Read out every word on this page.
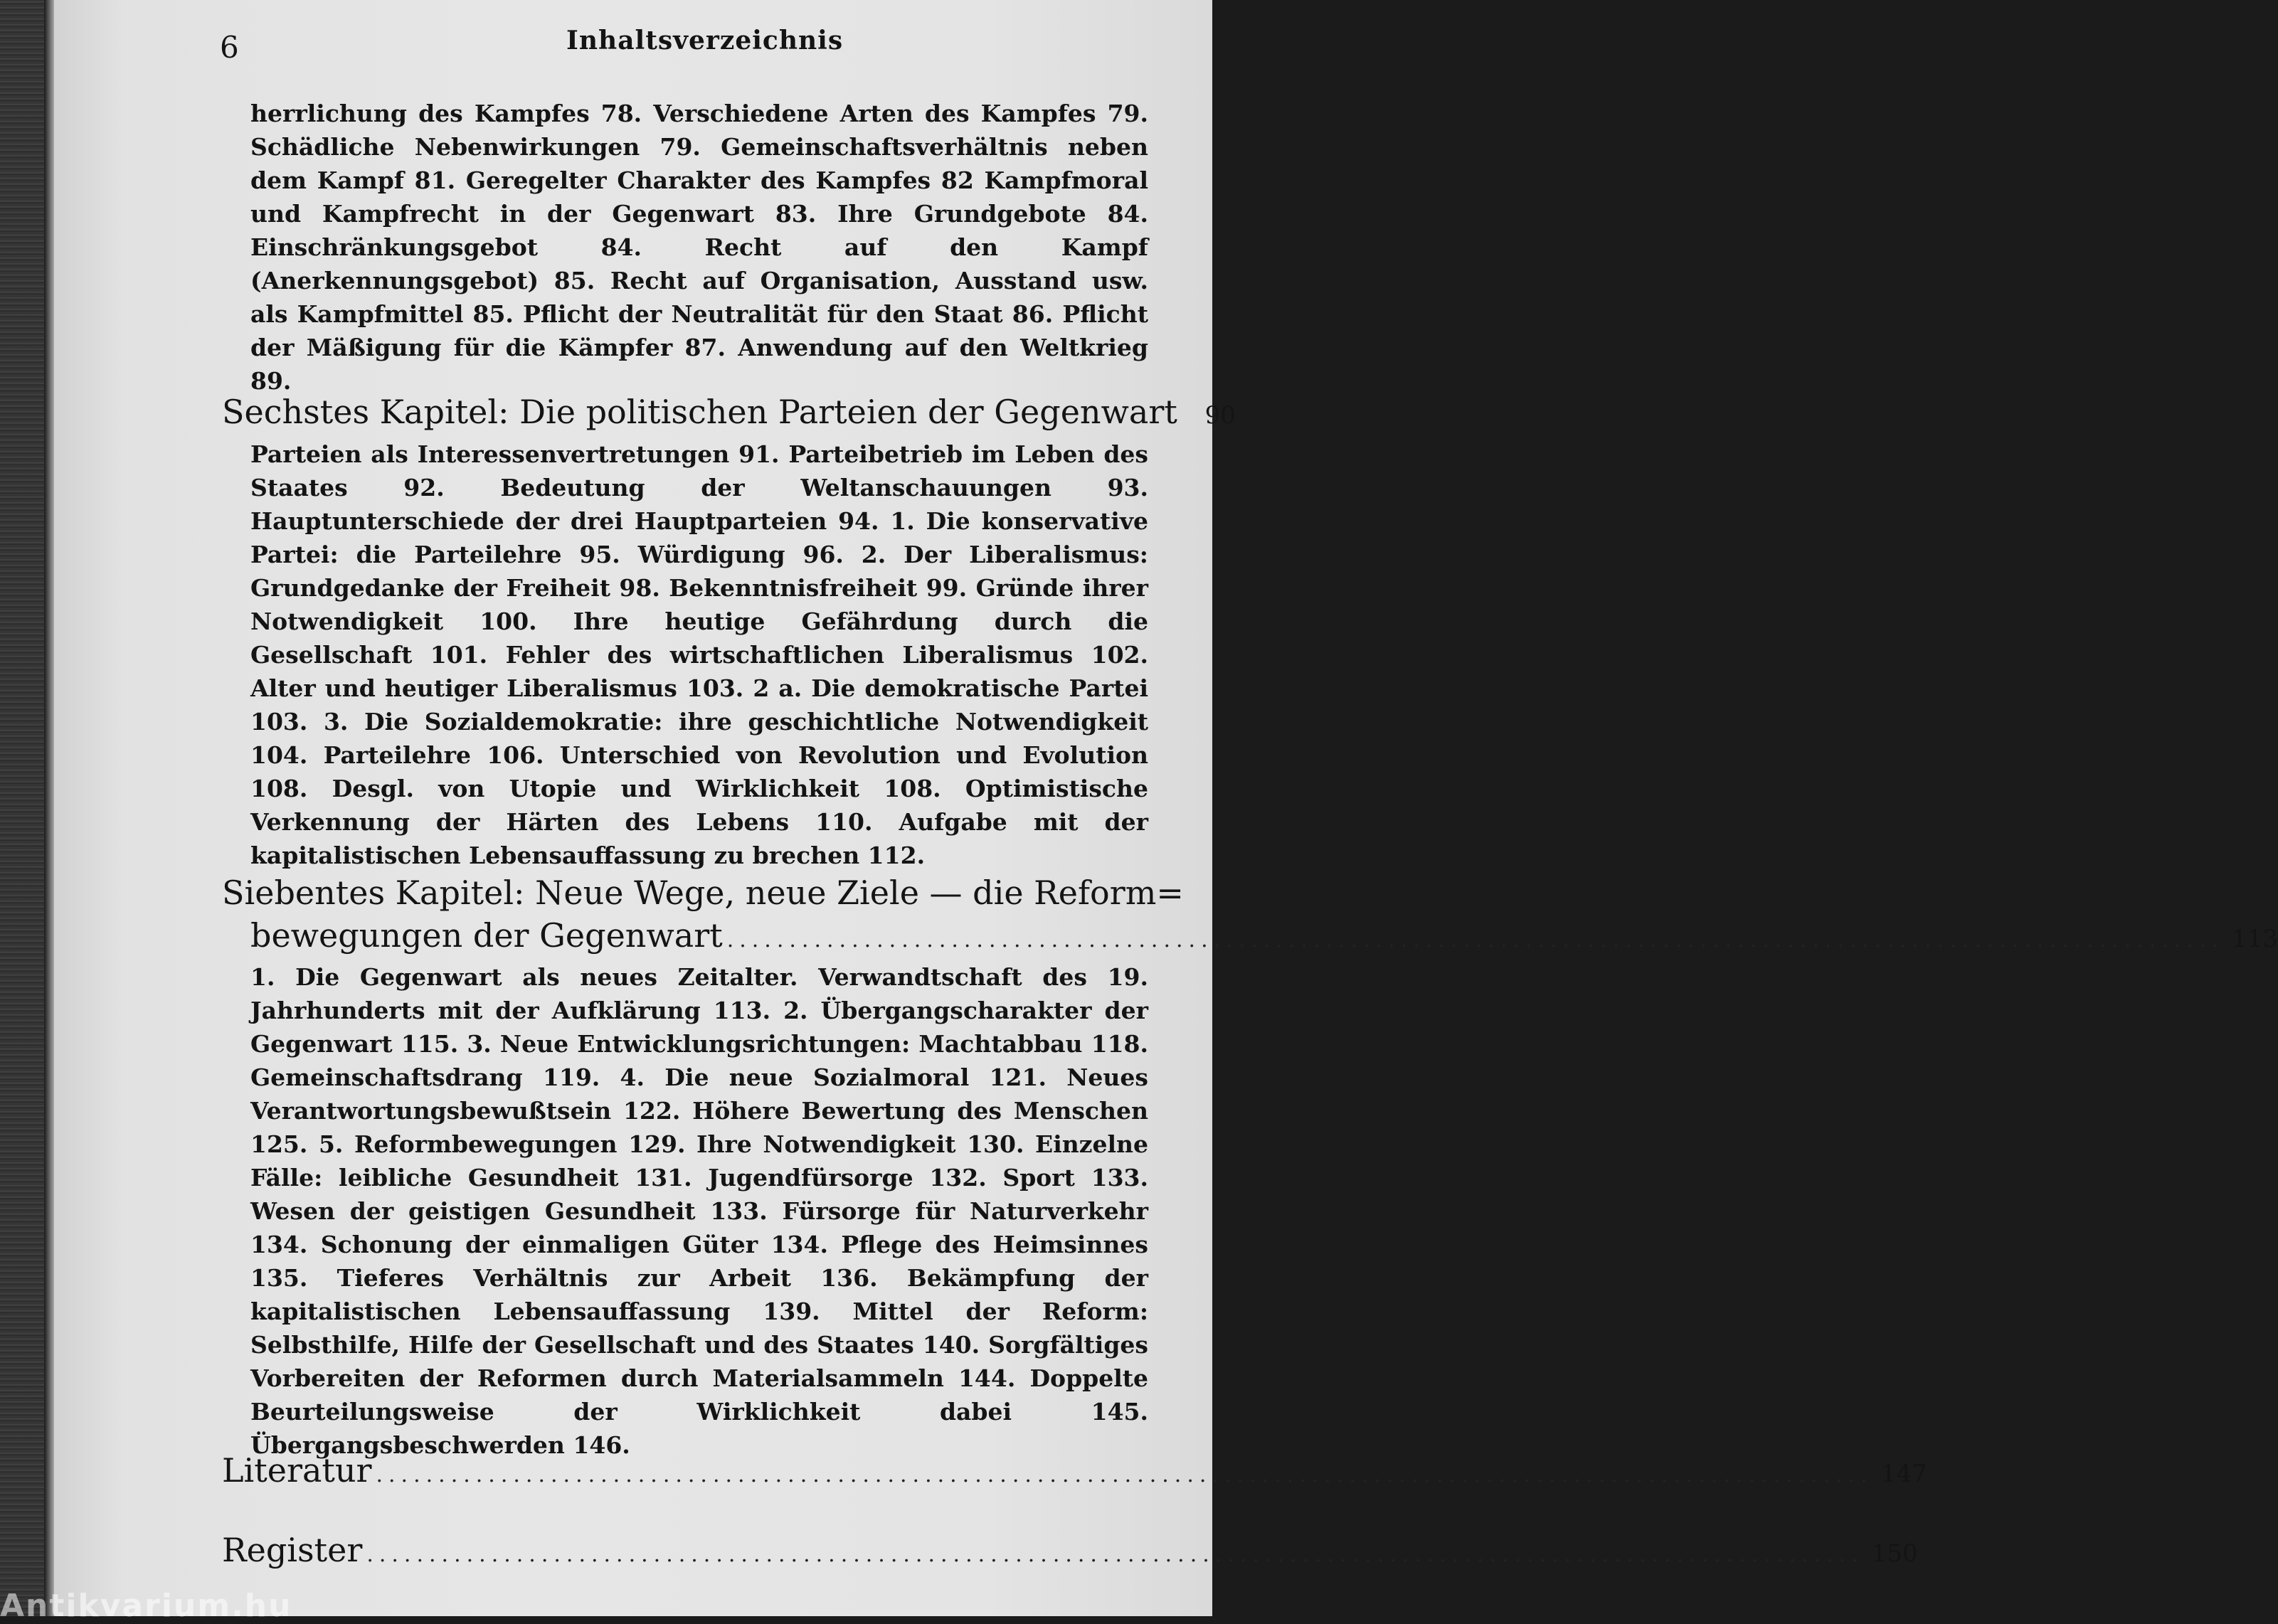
6	Inhaltsverzeichnis

herrlichung des Kampfes 78. Verschiedene Arten des Kampfes 79. Schädliche Nebenwirkungen 79. Gemeinschaftsverhältnis neben dem Kampf 81. Geregelter Charakter des Kampfes 82 Kampfmoral und Kampfrecht in der Gegenwart 83. Ihre Grundgebote 84. Einschränkungsgebot 84. Recht auf den Kampf (Anerkennungsgebot) 85. Recht auf Organisation, Ausstand usw. als Kampfmittel 85. Pflicht der Neutralität für den Staat 86. Pflicht der Mäßigung für die Kämpfer 87. Anwendung auf den Weltkrieg 89.

Sechstes Kapitel: Die politischen Parteien der Gegenwart	90

Parteien als Interessenvertretungen 91. Parteibetrieb im Leben des Staates 92. Bedeutung der Weltanschauungen 93. Hauptunterschiede der drei Hauptparteien 94. 1. Die konservative Partei: die Parteilehre 95. Würdigung 96. 2. Der Liberalismus: Grundgedanke der Freiheit 98. Bekenntnisfreiheit 99. Gründe ihrer Notwendigkeit 100. Ihre heutige Gefährdung durch die Gesellschaft 101. Fehler des wirtschaftlichen Liberalismus 102. Alter und heutiger Liberalismus 103. 2 a. Die demokratische Partei 103. 3. Die Sozialdemokratie: ihre geschichtliche Notwendigkeit 104. Parteilehre 106. Unterschied von Revolution und Evolution 108. Desgl. von Utopie und Wirklichkeit 108. Optimistische Verkennung der Härten des Lebens 110. Aufgabe mit der kapitalistischen Lebensauffassung zu brechen 112.

Siebentes Kapitel: Neue Wege, neue Ziele — die Reform=
bewegungen der Gegenwart ........................................................................................................................ 113

1. Die Gegenwart als neues Zeitalter. Verwandtschaft des 19. Jahrhunderts mit der Aufklärung 113. 2. Übergangscharakter der Gegenwart 115. 3. Neue Entwicklungsrichtungen: Machtabbau 118. Gemeinschaftsdrang 119. 4. Die neue Sozialmoral 121. Neues Verantwortungsbewußtsein 122. Höhere Bewertung des Menschen 125. 5. Reformbewegungen 129. Ihre Notwendigkeit 130. Einzelne Fälle: leibliche Gesundheit 131. Jugendfürsorge 132. Sport 133. Wesen der geistigen Gesundheit 133. Fürsorge für Naturverkehr 134. Schonung der einmaligen Güter 134. Pflege des Heimsinnes 135. Tieferes Verhältnis zur Arbeit 136. Bekämpfung der kapitalistischen Lebensauffassung 139. Mittel der Reform: Selbsthilfe, Hilfe der Gesellschaft und des Staates 140. Sorgfältiges Vorbereiten der Reformen durch Materialsammeln 144. Doppelte Beurteilungsweise der Wirklichkeit dabei 145. Übergangsbeschwerden 146.

Literatur ........................................................................................................................ 147
Register ........................................................................................................................ 150
Antikvarium.hu
